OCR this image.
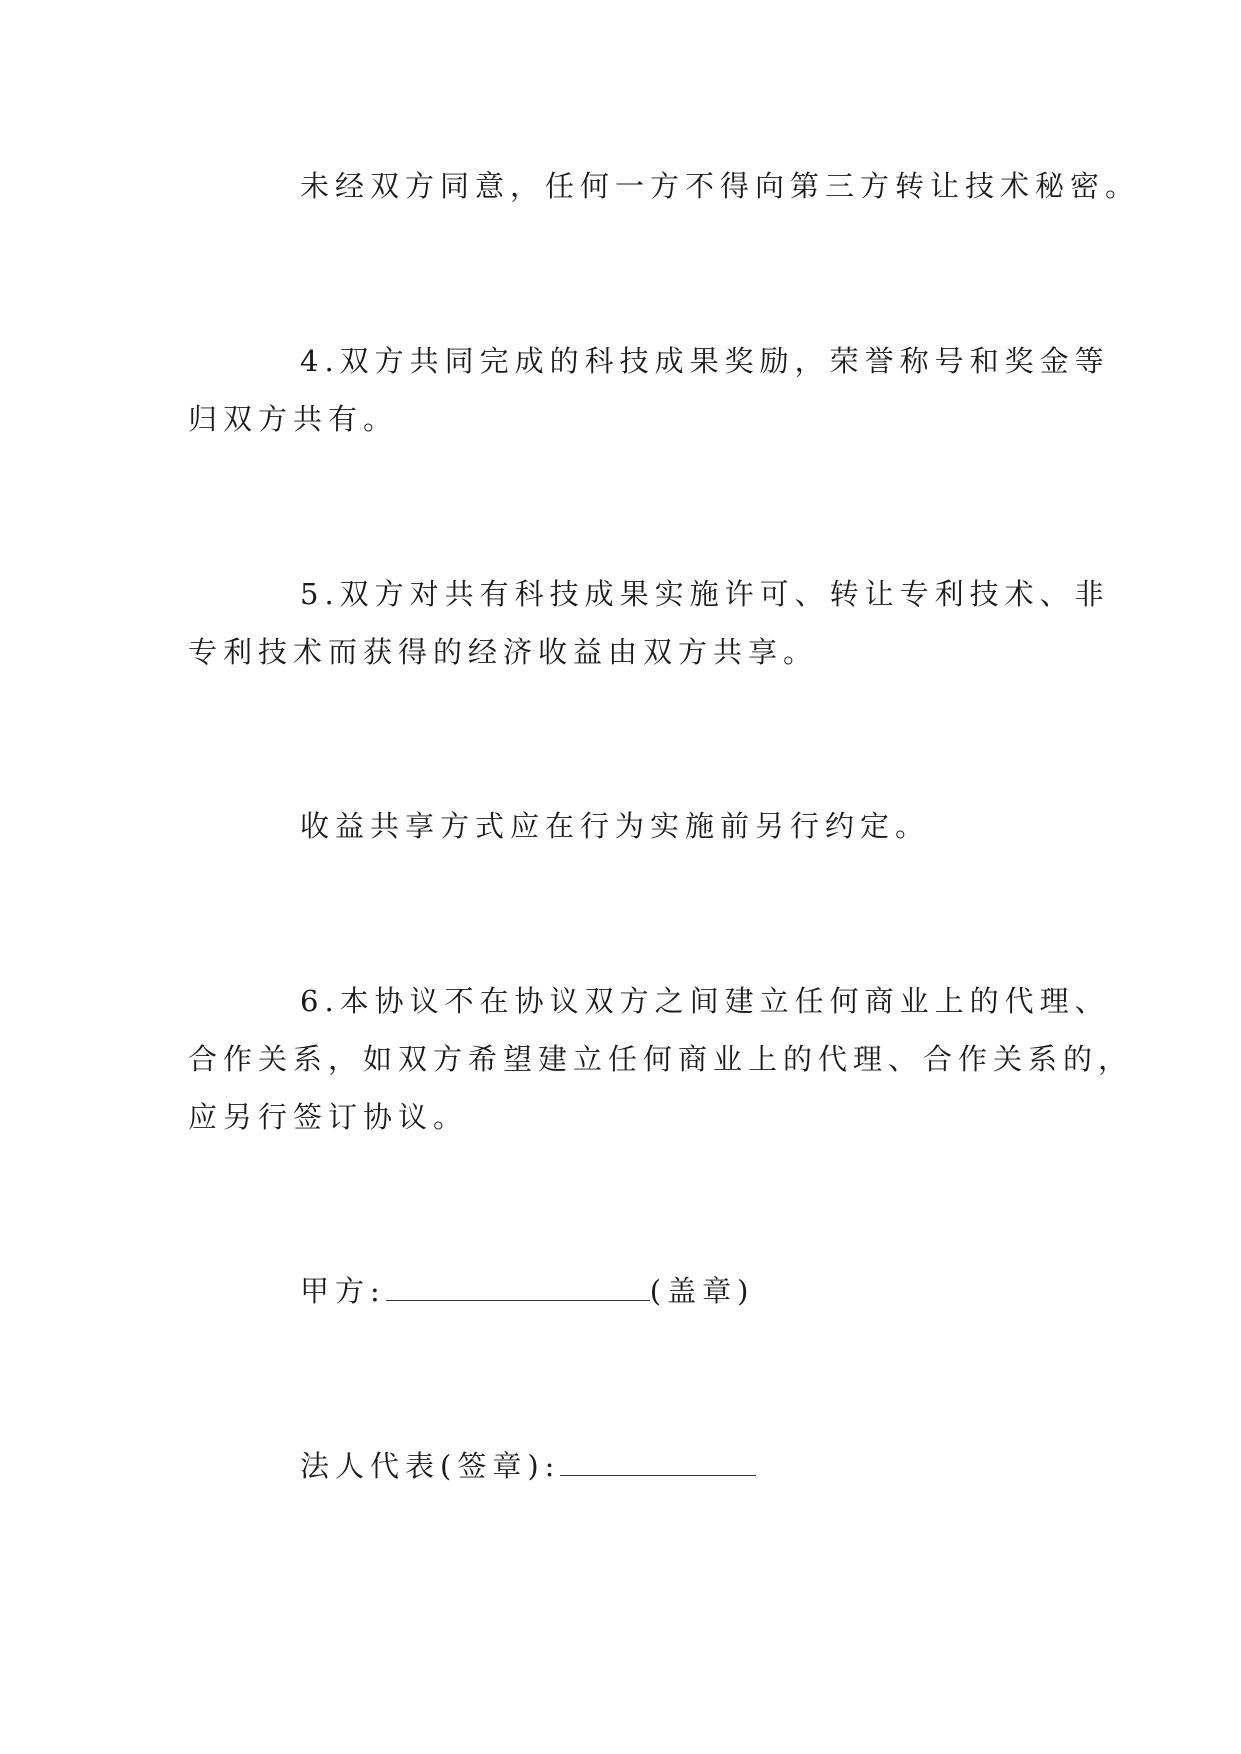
未经双方同意，任何一方不得向第三方转让技术秘密。
4.双方共同完成的科技成果奖励，荣誉称号和奖金等
归双方共有。
5.双方对共有科技成果实施许可、转让专利技术、非
专利技术而获得的经济收益由双方共享。
收益共享方式应在行为实施前另行约定。
6.本协议不在协议双方之间建立任何商业上的代理、
合作关系，如双方希望建立任何商业上的代理、合作关系的，
应另行签订协议。
甲方:	(盖章)
法人代表(签章):
